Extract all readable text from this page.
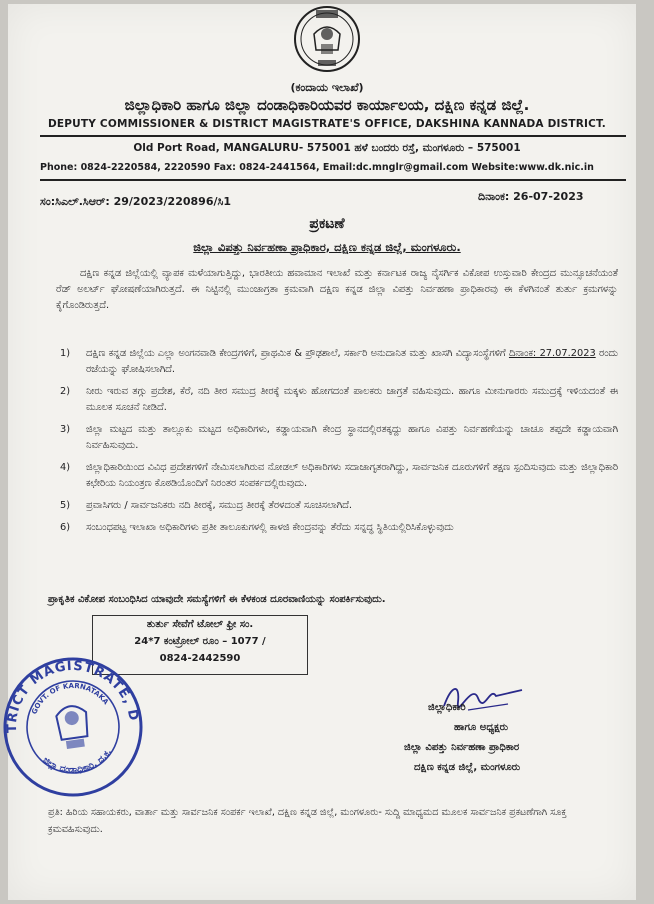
(ಕಂದಾಯ ಇಲಾಖೆ)
ಜಿಲ್ಲಾಧಿಕಾರಿ ಹಾಗೂ ಜಿಲ್ಲಾ ದಂಡಾಧಿಕಾರಿಯವರ ಕಾರ್ಯಾಲಯ, ದಕ್ಷಿಣ ಕನ್ನಡ ಜಿಲ್ಲೆ.
DEPUTY COMMISSIONER & DISTRICT MAGISTRATE'S OFFICE, DAKSHINA KANNADA DISTRICT.
Old Port Road, MANGALURU- 575001 ಹಳೆ ಬಂದರು ರಸ್ತೆ, ಮಂಗಳೂರು – 575001
Phone: 0824-2220584, 2220590 Fax: 0824-2441564, Email:dc.mnglr@gmail.com Website:www.dk.nic.in
ಸಂ:ಸಿಎಲ್.ಸಿಆರ್: 29/2023/220896/ಸಿ1	ದಿನಾಂಕ: 26-07-2023
ಪ್ರಕಟಣೆ
ಜಿಲ್ಲಾ ವಿಪತ್ತು ನಿರ್ವಹಣಾ ಪ್ರಾಧಿಕಾರ, ದಕ್ಷಿಣ ಕನ್ನಡ ಜಿಲ್ಲೆ, ಮಂಗಳೂರು.
ದಕ್ಷಿಣ ಕನ್ನಡ ಜಿಲ್ಲೆಯಲ್ಲಿ ವ್ಯಾಪಕ ಮಳೆಯಾಗುತ್ತಿದ್ದು, ಭಾರತೀಯ ಹವಾಮಾನ ಇಲಾಖೆ ಮತ್ತು ಕರ್ನಾಟಕ ರಾಜ್ಯ ನೈಸರ್ಗಿಕ ವಿಕೋಪ ಉಸ್ತುವಾರಿ ಕೇಂದ್ರದ ಮುನ್ಸೂಚನೆಯಂತೆ ರೆಡ್ ಅಲರ್ಟ್ ಘೋಷಣೆಯಾಗಿರುತ್ತದೆ. ಈ ನಿಟ್ಟಿನಲ್ಲಿ ಮುಂಜಾಗ್ರತಾ ಕ್ರಮವಾಗಿ ದಕ್ಷಿಣ ಕನ್ನಡ ಜಿಲ್ಲಾ ವಿಪತ್ತು ನಿರ್ವಹಣಾ ಪ್ರಾಧಿಕಾರವು ಈ ಕೆಳಗಿನಂತೆ ತುರ್ತು ಕ್ರಮಗಳನ್ನು ಕೈಗೊಂಡಿರುತ್ತದೆ.
1) ದಕ್ಷಿಣ ಕನ್ನಡ ಜಿಲ್ಲೆಯ ಎಲ್ಲಾ ಅಂಗನವಾಡಿ ಕೇಂದ್ರಗಳಿಗೆ, ಪ್ರಾಥಮಿಕ & ಪ್ರೌಢಶಾಲೆ, ಸರ್ಕಾರಿ ಅನುದಾನಿತ ಮತ್ತು ಖಾಸಗಿ ವಿದ್ಯಾಸಂಸ್ಥೆಗಳಿಗೆ ದಿನಾಂಕ: 27.07.2023 ರಂದು ರಜೆಯನ್ನು ಘೋಷಿಸಲಾಗಿದೆ.
2) ನೀರು ಇರುವ ತಗ್ಗು ಪ್ರದೇಶ, ಕೆರೆ, ನದಿ ತೀರ ಸಮುದ್ರ ತೀರಕ್ಕೆ ಮಕ್ಕಳು ಹೋಗದಂತೆ ಪಾಲಕರು ಜಾಗ್ರತೆ ವಹಿಸುವುದು. ಹಾಗೂ ಮೀನುಗಾರರು ಸಮುದ್ರಕ್ಕೆ ಇಳಿಯದಂತೆ ಈ ಮೂಲಕ ಸೂಚನೆ ನೀಡಿದೆ.
3) ಜಿಲ್ಲಾ ಮಟ್ಟದ ಮತ್ತು ತಾಲ್ಲೂಕು ಮಟ್ಟದ ಅಧಿಕಾರಿಗಳು, ಕಡ್ಡಾಯವಾಗಿ ಕೇಂದ್ರ ಸ್ಥಾನದಲ್ಲಿರತಕ್ಕದ್ದು ಹಾಗೂ ವಿಪತ್ತು ನಿರ್ವಹಣೆಯನ್ನು ಚಾಚೂ ತಪ್ಪದೇ ಕಡ್ಡಾಯವಾಗಿ ನಿರ್ವಹಿಸುವುದು.
4) ಜಿಲ್ಲಾಧಿಕಾರಿಯಿಂದ ವಿವಿಧ ಪ್ರದೇಶಗಳಿಗೆ ನೇಮಿಸಲಾಗಿರುವ ನೋಡಲ್ ಅಧಿಕಾರಿಗಳು ಸದಾಜಾಗೃತರಾಗಿದ್ದು, ಸಾರ್ವಜನಿಕ ದೂರುಗಳಿಗೆ ತಕ್ಷಣ ಸ್ಪಂದಿಸುವುದು ಮತ್ತು ಜಿಲ್ಲಾಧಿಕಾರಿ ಕಛೇರಿಯ ನಿಯಂತ್ರಣ ಕೊಠಡಿಯೊಂದಿಗೆ ನಿರಂತರ ಸಂಪರ್ಕದಲ್ಲಿರುವುದು.
5) ಪ್ರವಾಸಿಗರು / ಸಾರ್ವಜನಿಕರು ನದಿ ತೀರಕ್ಕೆ, ಸಮುದ್ರ ತೀರಕ್ಕೆ ತೆರಳದಂತೆ ಸೂಚಿಸಲಾಗಿದೆ.
6) ಸಂಬಂಧಪಟ್ಟ ಇಲಾಖಾ ಅಧಿಕಾರಿಗಳು ಪ್ರತೀ ತಾಲೂಕುಗಳಲ್ಲಿ ಕಾಳಜಿ ಕೇಂದ್ರವನ್ನು ತೆರೆದು ಸನ್ನದ್ಧ ಸ್ಥಿತಿಯಲ್ಲಿರಿಸಿಕೊಳ್ಳುವುದು
ಪ್ರಾಕೃತಿಕ ವಿಕೋಪ ಸಂಬಂಧಿಸಿದ ಯಾವುದೇ ಸಮಸ್ಯೆಗಳಿಗೆ ಈ ಕೆಳಕಂಡ ದೂರವಾಣಿಯನ್ನು ಸಂಪರ್ಕಿಸುವುದು.
ತುರ್ತು ಸೇವೆಗೆ ಟೋಲ್ ಫ್ರೀ ಸಂ.
24*7 ಕಂಟ್ರೋಲ್ ರೂಂ – 1077 /
0824-2442590
DISTRICT MAGISTRATE, D.K.
GOVT. OF KARNATAKA
ಜಿಲ್ಲಾ ದಂಡಾಧಿಕಾರಿ, ದ.ಕ.
ಜಿಲ್ಲಾಧಿಕಾರಿ
ಹಾಗೂ ಅಧ್ಯಕ್ಷರು
ಜಿಲ್ಲಾ ವಿಪತ್ತು ನಿರ್ವಹಣಾ ಪ್ರಾಧಿಕಾರ
ದಕ್ಷಿಣ ಕನ್ನಡ ಜಿಲ್ಲೆ, ಮಂಗಳೂರು
ಪ್ರತಿ: ಹಿರಿಯ ಸಹಾಯಕರು, ವಾರ್ತಾ ಮತ್ತು ಸಾರ್ವಜನಿಕ ಸಂಪರ್ಕ ಇಲಾಖೆ, ದಕ್ಷಿಣ ಕನ್ನಡ ಜಿಲ್ಲೆ, ಮಂಗಳೂರು- ಸುದ್ದಿ ಮಾಧ್ಯಮದ ಮೂಲಕ ಸಾರ್ವಜನಿಕ ಪ್ರಕಟಣೆಗಾಗಿ ಸೂಕ್ತ ಕ್ರಮವಹಿಸುವುದು.
